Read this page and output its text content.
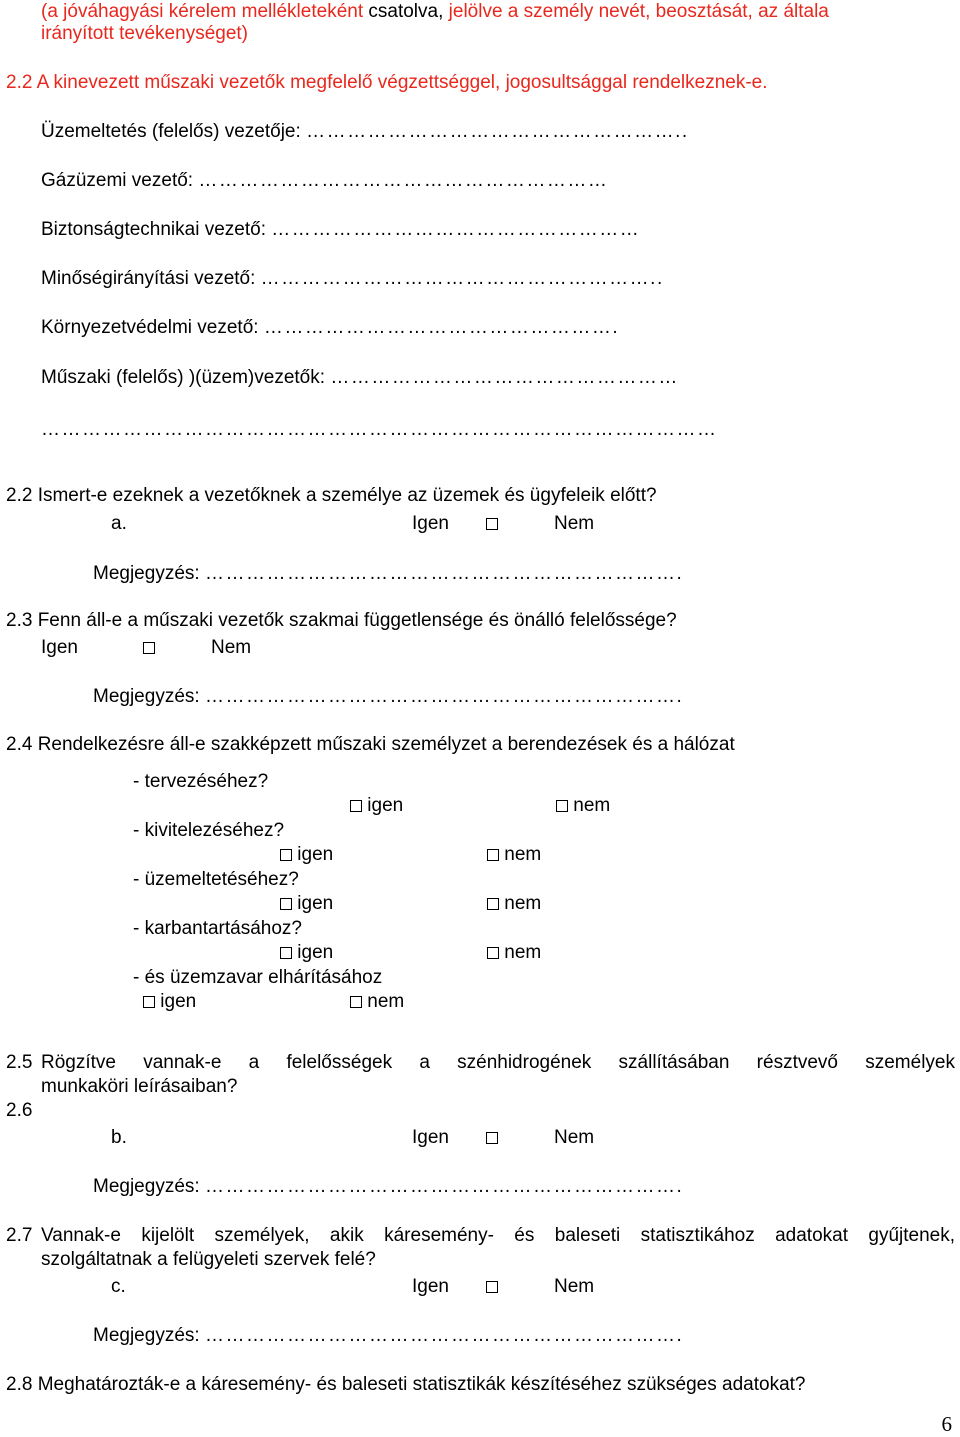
(a jóváhagyási kérelem mellékleteként csatolva, jelölve a személy nevét, beosztását, az általa
irányított tevékenységet)
2.2 A kinevezett műszaki vezetők megfelelő végzettséggel, jogosultsággal rendelkeznek-e.
Üzemeltetés (felelős) vezetője: ………………………………………………..
Gázüzemi vezető: ……………………………………………………
Biztonságtechnikai vezető: ………………………………………………
Minőségirányítási vezető: …………………………………………………..
Környezetvédelmi vezető: …………………………………………….
Műszaki (felelős) )(üzem)vezetők: ……………………………………………
………………………………………………………………………………………
2.2 Ismert-e ezeknek a vezetőknek a személye az üzemek és ügyfeleik előtt?
a.	Igen	Nem
Megjegyzés: …………………………………………………………….
2.3 Fenn áll-e a műszaki vezetők szakmai függetlensége és önálló felelőssége?
Igen	Nem
Megjegyzés: …………………………………………………………….
2.4 Rendelkezésre áll-e szakképzett műszaki személyzet a berendezések és a hálózat
- tervezéséhez?
igen	nem
- kivitelezéséhez?
igen	nem
- üzemeltetéséhez?
igen	nem
- karbantartásához?
igen	nem
- és üzemzavar elhárításához
igen	nem
2.5 Rögzítve vannak-e a felelősségek a szénhidrogének szállításában résztvevő személyek
munkaköri leírásaiban?
2.6
b.	Igen	Nem
Megjegyzés: …………………………………………………………….
2.7 Vannak-e kijelölt személyek, akik káresemény- és baleseti statisztikához adatokat gyűjtenek,
szolgáltatnak a felügyeleti szervek felé?
c.	Igen	Nem
Megjegyzés: …………………………………………………………….
2.8 Meghatározták-e a káresemény- és baleseti statisztikák készítéséhez szükséges adatokat?
6
